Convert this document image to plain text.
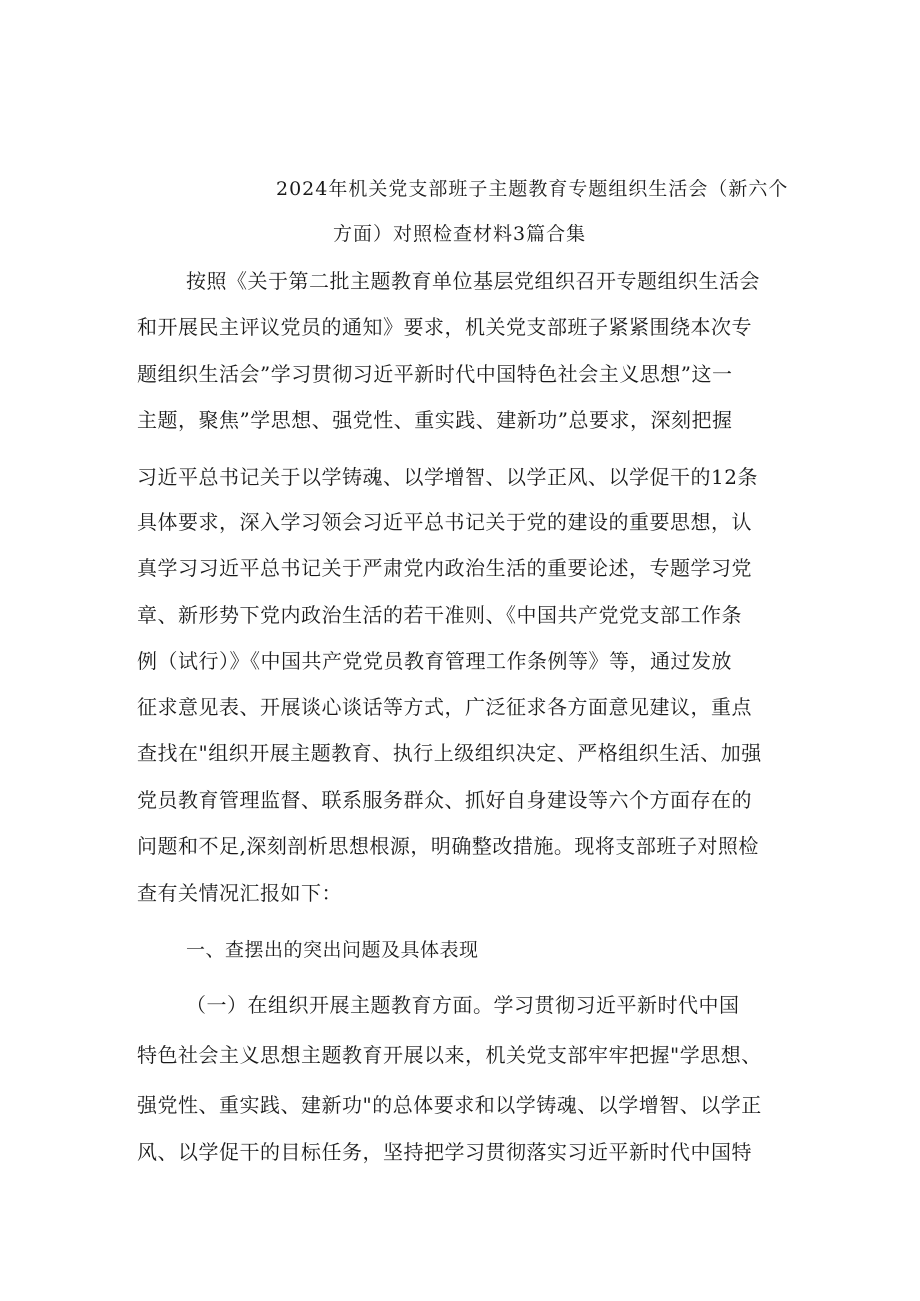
2024年机关党支部班子主题教育专题组织生活会（新六个
方面）对照检查材料3篇合集
按照《关于第二批主题教育单位基层党组织召开专题组织生活会
和开展民主评议党员的通知》要求，机关党支部班子紧紧围绕本次专
题组织生活会”学习贯彻习近平新时代中国特色社会主义思想”这一
主题，聚焦”学思想、强党性、重实践、建新功”总要求，深刻把握
习近平总书记关于以学铸魂、以学增智、以学正风、以学促干的12条
具体要求，深入学习领会习近平总书记关于党的建设的重要思想，认
真学习习近平总书记关于严肃党内政治生活的重要论述，专题学习党
章、新形势下党内政治生活的若干准则、《中国共产党党支部工作条
例（试行）》《中国共产党党员教育管理工作条例等》等，通过发放
征求意见表、开展谈心谈话等方式，广泛征求各方面意见建议，重点
查找在"组织开展主题教育、执行上级组织决定、严格组织生活、加强
党员教育管理监督、联系服务群众、抓好自身建设等六个方面存在的
问题和不足,深刻剖析思想根源，明确整改措施。现将支部班子对照检
查有关情况汇报如下：
一、查摆出的突出问题及具体表现
（一）在组织开展主题教育方面。学习贯彻习近平新时代中国
特色社会主义思想主题教育开展以来，机关党支部牢牢把握"学思想、
强党性、重实践、建新功"的总体要求和以学铸魂、以学增智、以学正
风、以学促干的目标任务，坚持把学习贯彻落实习近平新时代中国特
